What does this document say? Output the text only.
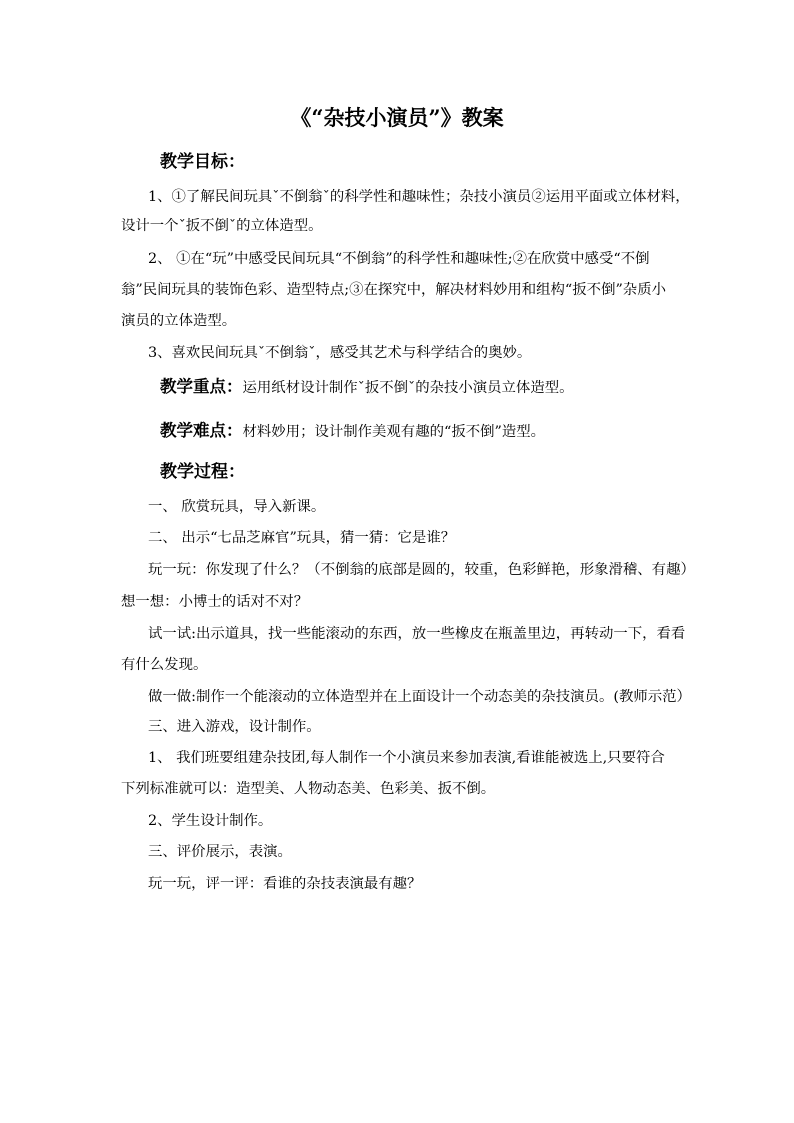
《“杂技小演员”》教案
教学目标：
1、①了解民间玩具ˇ不倒翁ˇ的科学性和趣味性；杂技小演员②运用平面或立体材料，
设计一个ˇ扳不倒ˇ的立体造型。
2、 ①在“玩”中感受民间玩具“不倒翁”的科学性和趣味性;②在欣赏中感受“不倒
翁”民间玩具的装饰色彩、造型特点;③在探究中，解决材料妙用和组构“扳不倒”杂质小
演员的立体造型。
3、喜欢民间玩具ˇ不倒翁ˇ，感受其艺术与科学结合的奥妙。
教学重点：运用纸材设计制作ˇ扳不倒ˇ的杂技小演员立体造型。
教学难点：材料妙用；设计制作美观有趣的“扳不倒”造型。
教学过程：
一、 欣赏玩具，导入新课。
二、 出示“七品芝麻官”玩具，猜一猜：它是谁？
玩一玩：你发现了什么？（不倒翁的底部是圆的，较重，色彩鲜艳，形象滑稽、有趣）
想一想：小博士的话对不对？
试一试:出示道具，找一些能滚动的东西，放一些橡皮在瓶盖里边，再转动一下，看看
有什么发现。
做一做:制作一个能滚动的立体造型并在上面设计一个动态美的杂技演员。(教师示范）
三、进入游戏，设计制作。
1、 我们班要组建杂技团,每人制作一个小演员来参加表演,看谁能被选上,只要符合
下列标准就可以：造型美、人物动态美、色彩美、扳不倒。
2、学生设计制作。
三、评价展示，表演。
玩一玩，评一评：看谁的杂技表演最有趣？
